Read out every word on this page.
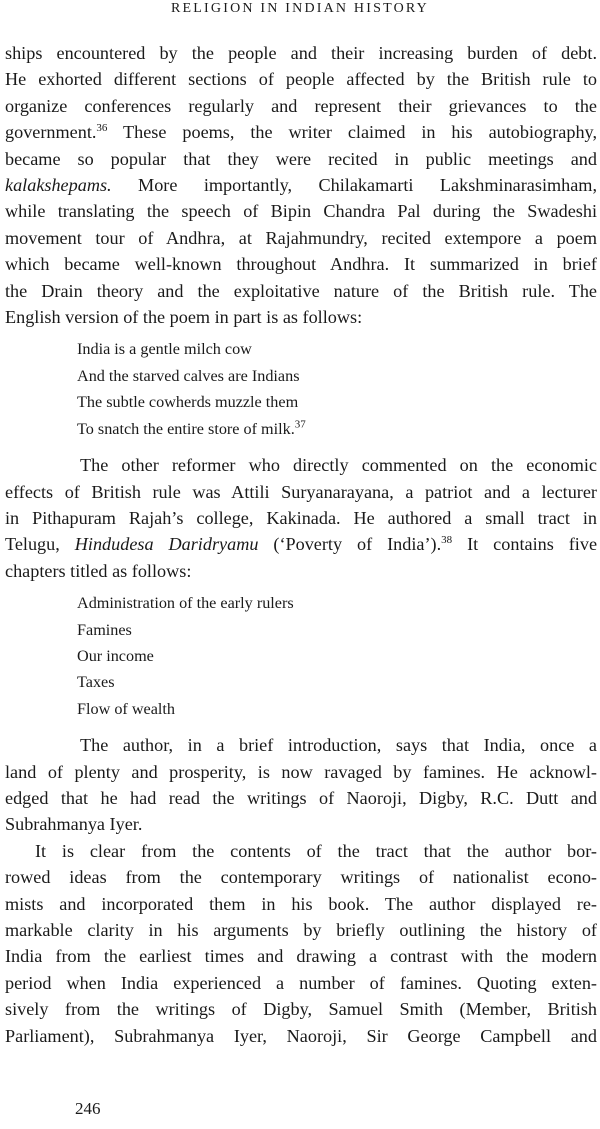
RELIGION IN INDIAN HISTORY
ships encountered by the people and their increasing burden of debt.
He exhorted different sections of people affected by the British rule to
organize conferences regularly and represent their grievances to the
government.$^{36}$ These poems, the writer claimed in his autobiography,
became so popular that they were recited in public meetings and
kalakshepams. More importantly, Chilakamarti Lakshminarasimham,
while translating the speech of Bipin Chandra Pal during the Swadeshi
movement tour of Andhra, at Rajahmundry, recited extempore a poem
which became well-known throughout Andhra. It summarized in brief
the Drain theory and the exploitative nature of the British rule. The
English version of the poem in part is as follows:
India is a gentle milch cow
And the starved calves are Indians
The subtle cowherds muzzle them
To snatch the entire store of milk.$^{37}$
The other reformer who directly commented on the economic
effects of British rule was Attili Suryanarayana, a patriot and a lecturer
in Pithapuram Rajah’s college, Kakinada. He authored a small tract in
Telugu, Hindudesa Daridryamu (‘Poverty of India’).$^{38}$ It contains five
chapters titled as follows:
Administration of the early rulers
Famines
Our income
Taxes
Flow of wealth
The author, in a brief introduction, says that India, once a
land of plenty and prosperity, is now ravaged by famines. He acknowl-
edged that he had read the writings of Naoroji, Digby, R.C. Dutt and
Subrahmanya Iyer.
It is clear from the contents of the tract that the author bor-
rowed ideas from the contemporary writings of nationalist econo-
mists and incorporated them in his book. The author displayed re-
markable clarity in his arguments by briefly outlining the history of
India from the earliest times and drawing a contrast with the modern
period when India experienced a number of famines. Quoting exten-
sively from the writings of Digby, Samuel Smith (Member, British
Parliament), Subrahmanya Iyer, Naoroji, Sir George Campbell and
246
